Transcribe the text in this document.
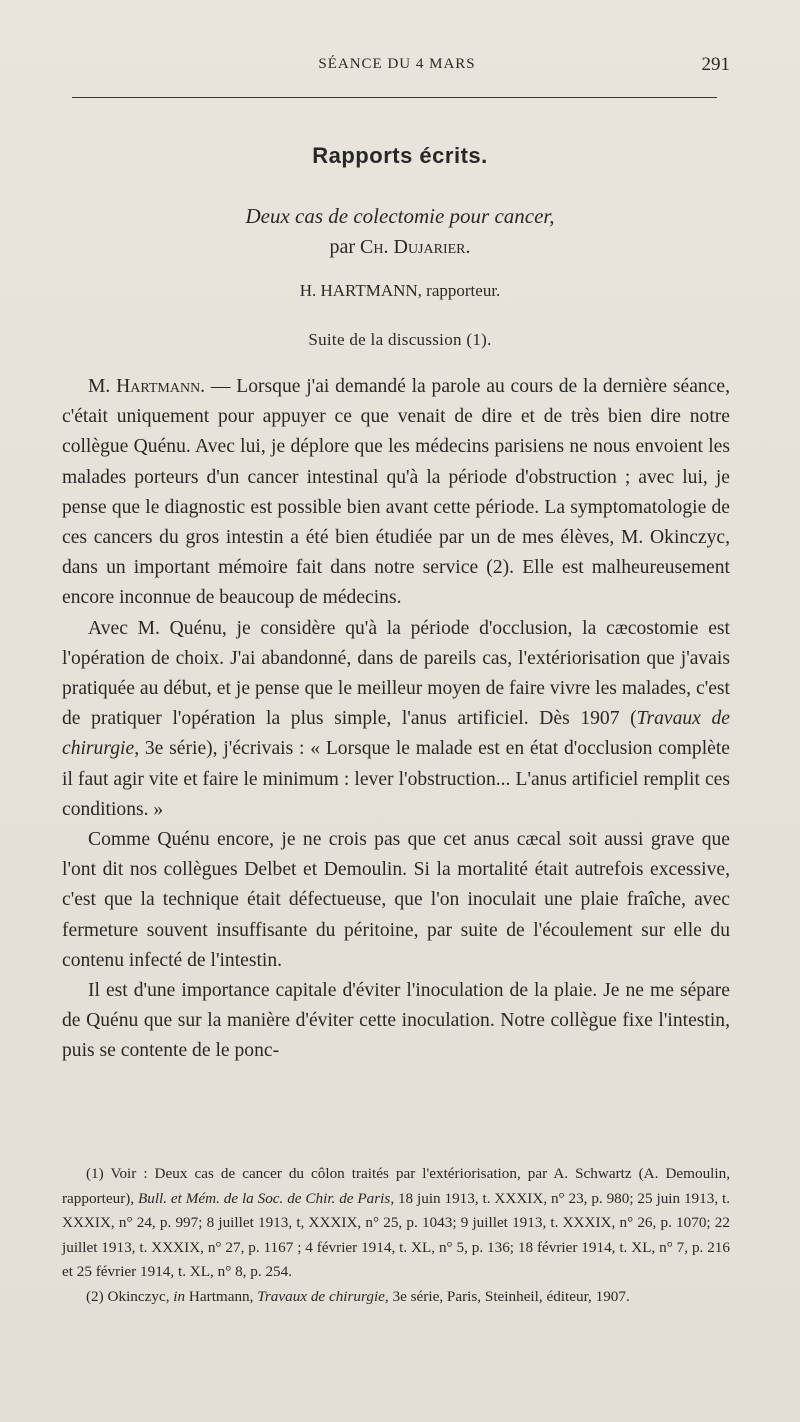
SÉANCE DU 4 MARS	291
Rapports écrits.
Deux cas de colectomie pour cancer,
par Ch. Dujarier.
H. HARTMANN, rapporteur.
Suite de la discussion (1).

M. Hartmann. — Lorsque j'ai demandé la parole au cours de la dernière séance, c'était uniquement pour appuyer ce que venait de dire et de très bien dire notre collègue Quénu. Avec lui, je déplore que les médecins parisiens ne nous envoient les malades porteurs d'un cancer intestinal qu'à la période d'obstruction ; avec lui, je pense que le diagnostic est possible bien avant cette période. La symptomatologie de ces cancers du gros intestin a été bien étudiée par un de mes élèves, M. Okinczyc, dans un important mémoire fait dans notre service (2). Elle est malheureusement encore inconnue de beaucoup de médecins.

Avec M. Quénu, je considère qu'à la période d'occlusion, la cæcostomie est l'opération de choix. J'ai abandonné, dans de pareils cas, l'extériorisation que j'avais pratiquée au début, et je pense que le meilleur moyen de faire vivre les malades, c'est de pratiquer l'opération la plus simple, l'anus artificiel. Dès 1907 (Travaux de chirurgie, 3e série), j'écrivais : « Lorsque le malade est en état d'occlusion complète il faut agir vite et faire le minimum : lever l'obstruction... L'anus artificiel remplit ces conditions. »

Comme Quénu encore, je ne crois pas que cet anus cæcal soit aussi grave que l'ont dit nos collègues Delbet et Demoulin. Si la mortalité était autrefois excessive, c'est que la technique était défectueuse, que l'on inoculait une plaie fraîche, avec fermeture souvent insuffisante du péritoine, par suite de l'écoulement sur elle du contenu infecté de l'intestin.

Il est d'une importance capitale d'éviter l'inoculation de la plaie. Je ne me sépare de Quénu que sur la manière d'éviter cette inoculation. Notre collègue fixe l'intestin, puis se contente de le ponc-

(1) Voir : Deux cas de cancer du côlon traités par l'extériorisation, par A. Schwartz (A. Demoulin, rapporteur), Bull. et Mém. de la Soc. de Chir. de Paris, 18 juin 1913, t. XXXIX, n° 23, p. 980; 25 juin 1913, t. XXXIX, n° 24, p. 997; 8 juillet 1913, t, XXXIX, n° 25, p. 1043; 9 juillet 1913, t. XXXIX, n° 26, p. 1070; 22 juillet 1913, t. XXXIX, n° 27, p. 1167 ; 4 février 1914, t. XL, n° 5, p. 136; 18 février 1914, t. XL, n° 7, p. 216 et 25 février 1914, t. XL, n° 8, p. 254.

(2) Okinczyc, in Hartmann, Travaux de chirurgie, 3e série, Paris, Steinheil, éditeur, 1907.
